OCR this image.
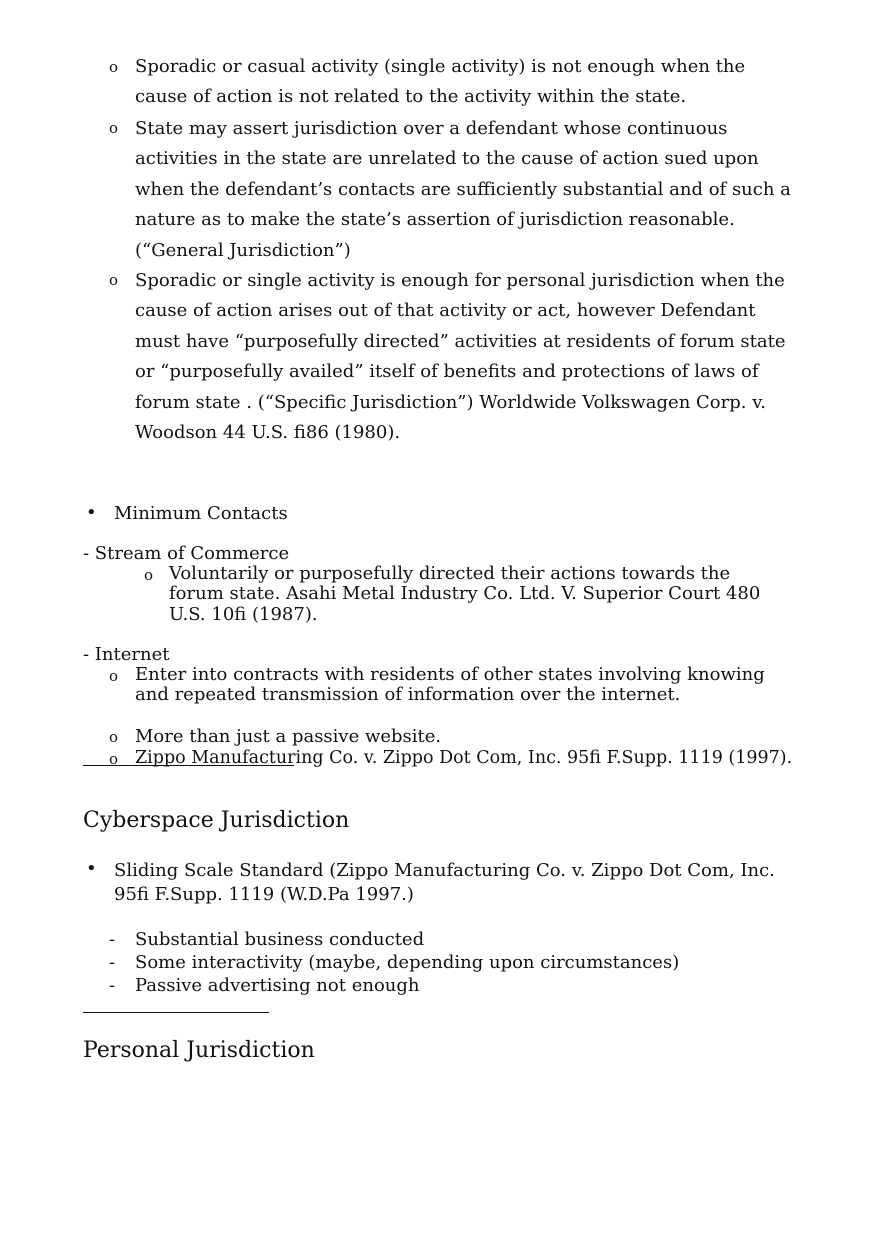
o Sporadic or casual activity (single activity) is not enough when the cause of action is not related to the activity within the state.
o State may assert jurisdiction over a defendant whose continuous activities in the state are unrelated to the cause of action sued upon when the defendant’s contacts are sufficiently substantial and of such a nature as to make the state’s assertion of jurisdiction reasonable. (“General Jurisdiction”)
o Sporadic or single activity is enough for personal jurisdiction when the cause of action arises out of that activity or act, however Defendant must have “purposefully directed” activities at residents of forum state or “purposefully availed” itself of benefits and protections of laws of forum state . (“Specific Jurisdiction”) Worldwide Volkswagen Corp. v. Woodson 44 U.S. fi86 (1980).
• Minimum Contacts
- Stream of Commerce
o Voluntarily or purposefully directed their actions towards the forum state. Asahi Metal Industry Co. Ltd. V. Superior Court 480 U.S. 10fi (1987).
- Internet
o Enter into contracts with residents of other states involving knowing and repeated transmission of information over the internet.
o More than just a passive website.
o Zippo Manufacturing Co. v. Zippo Dot Com, Inc. 95fi F.Supp. 1119 (1997).
Cyberspace Jurisdiction
• Sliding Scale Standard (Zippo Manufacturing Co. v. Zippo Dot Com, Inc. 95fi F.Supp. 1119 (W.D.Pa 1997.)
- Substantial business conducted
- Some interactivity (maybe, depending upon circumstances)
- Passive advertising not enough
Personal Jurisdiction
